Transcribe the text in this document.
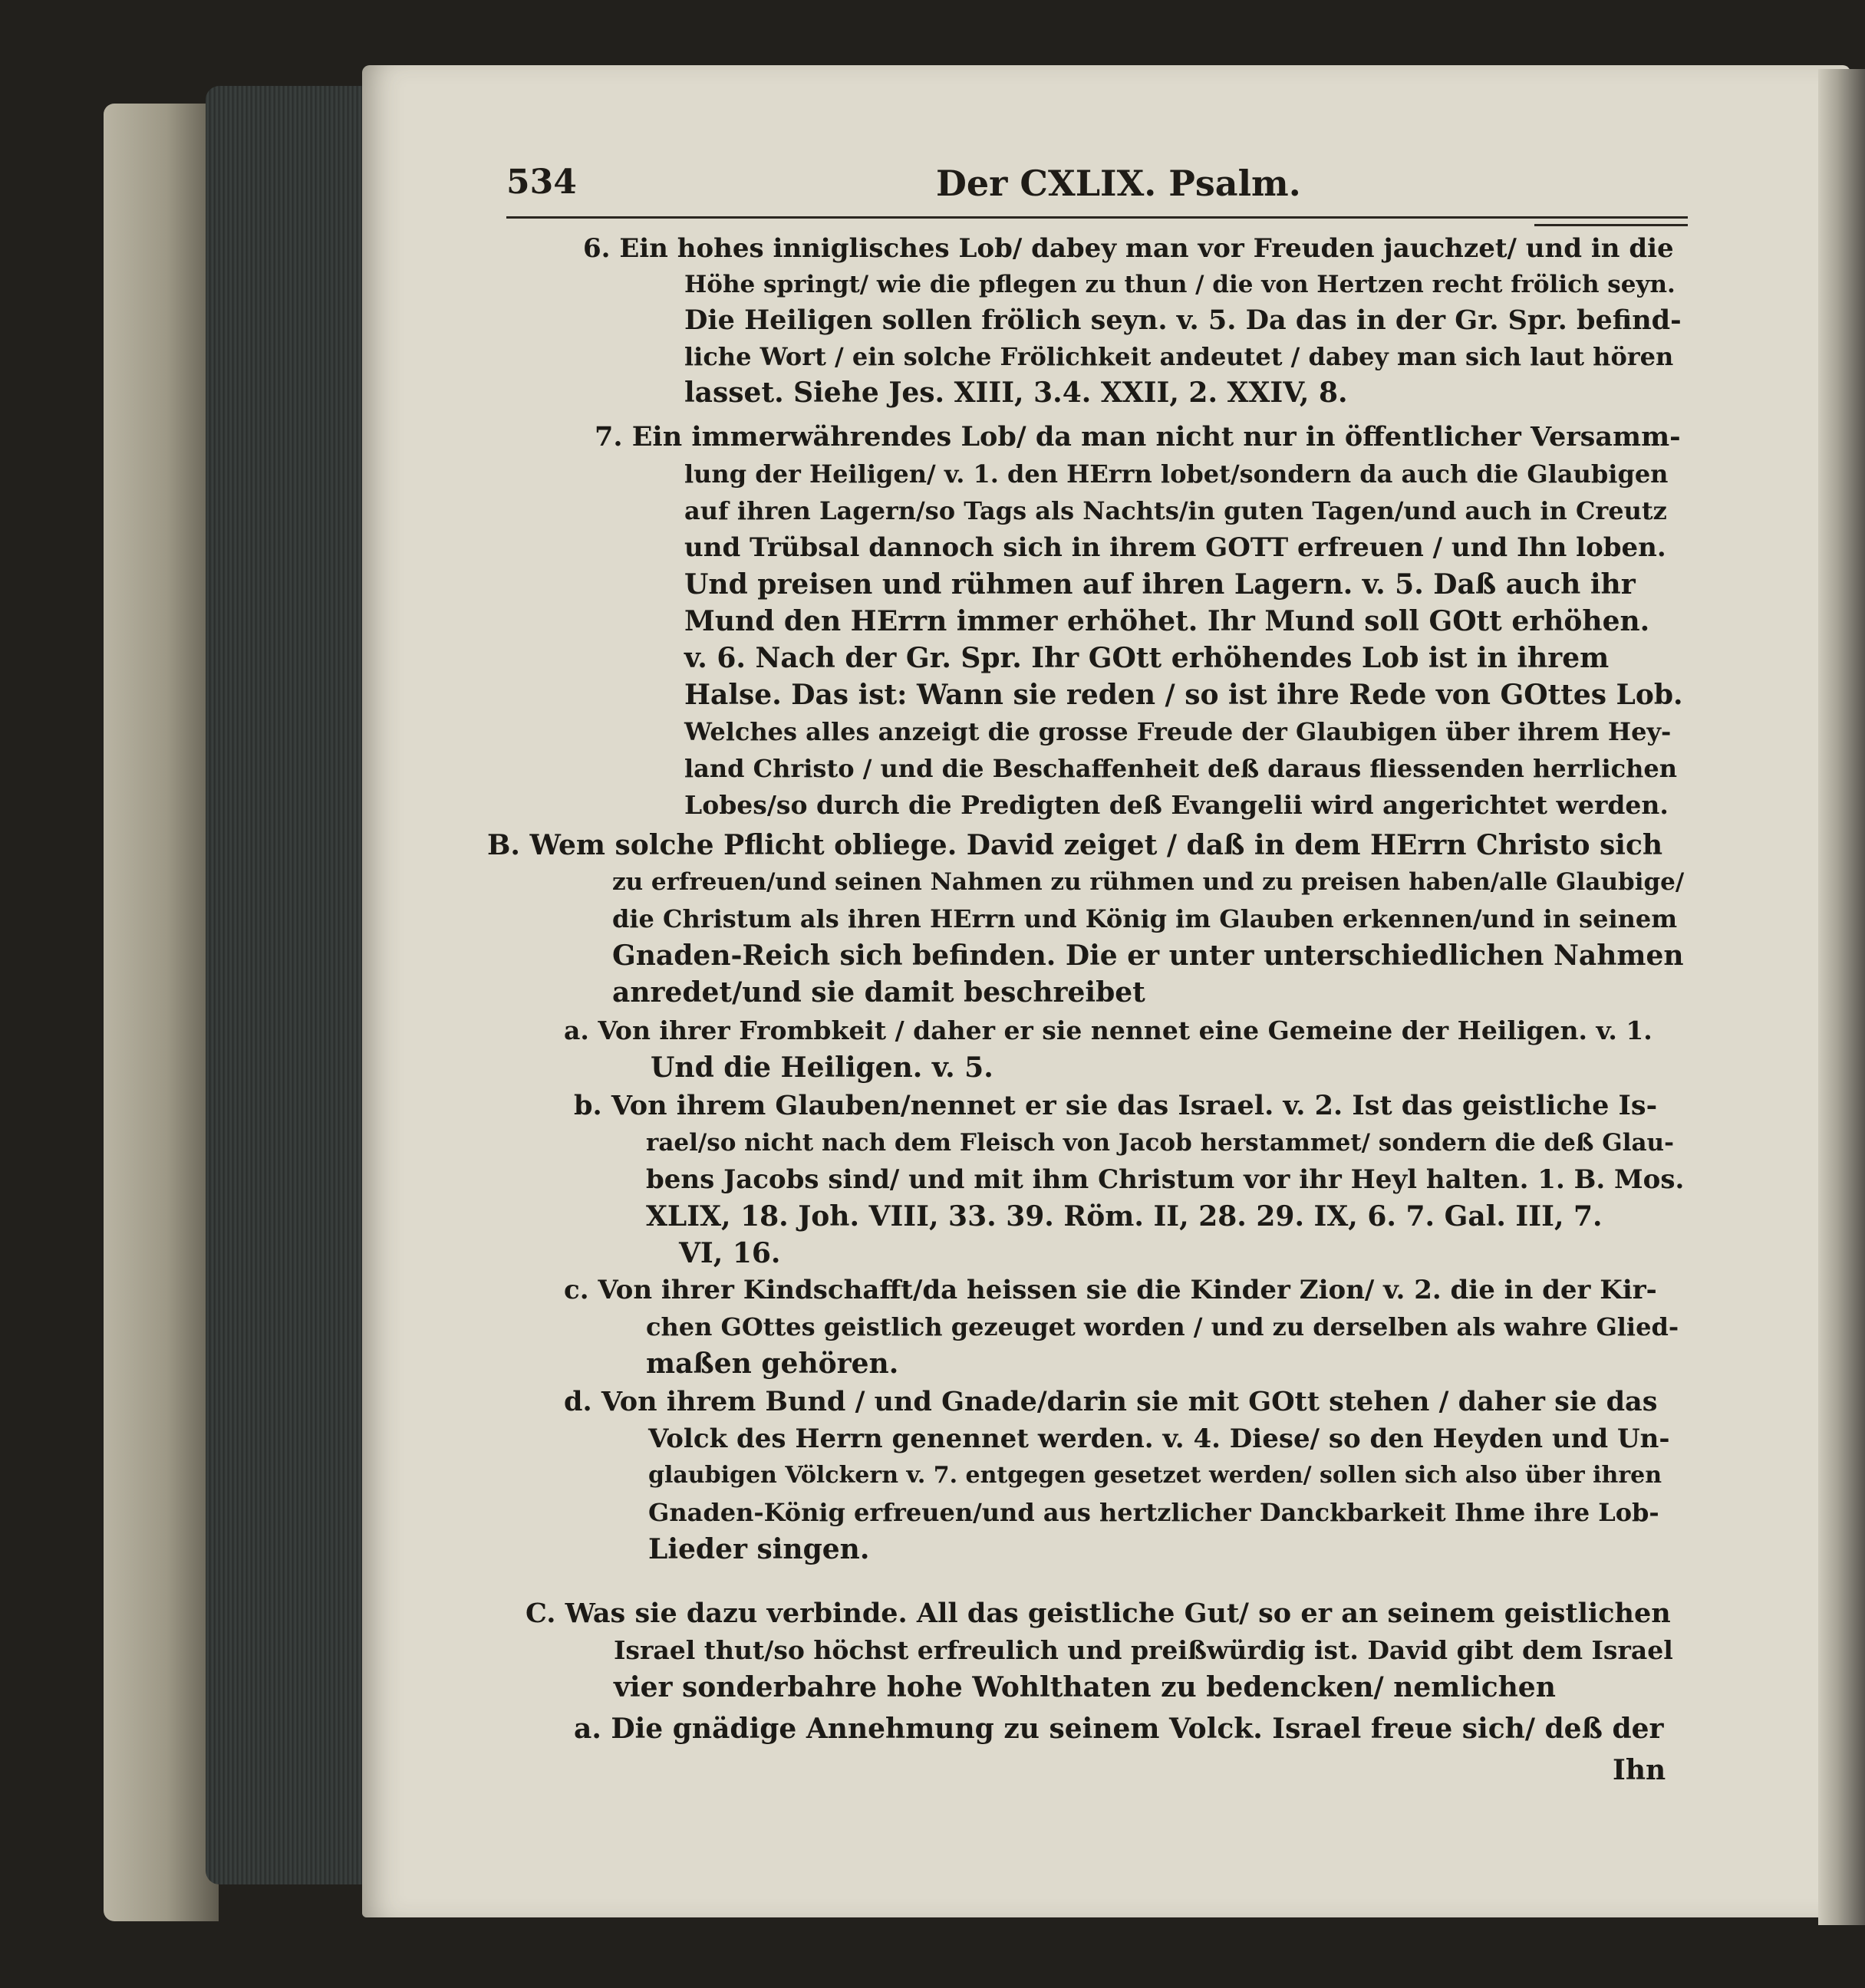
534	Der CXLIX. Psalm.
6. Ein hohes inniglisches Lob/ dabey man vor Freuden jauchzet/ und in die
Höhe springt/ wie die pflegen zu thun / die von Hertzen recht frölich seyn.
Die Heiligen sollen frölich seyn. v. 5. Da das in der Gr. Spr. befind-
liche Wort / ein solche Frölichkeit andeutet / dabey man sich laut hören
lasset. Siehe Jes. XIII, 3.4. XXII, 2. XXIV, 8.
7. Ein immerwährendes Lob/ da man nicht nur in öffentlicher Versamm-
lung der Heiligen/ v. 1. den HErrn lobet/sondern da auch die Glaubigen
auf ihren Lagern/so Tags als Nachts/in guten Tagen/und auch in Creutz
und Trübsal dannoch sich in ihrem GOTT erfreuen / und Ihn loben.
Und preisen und rühmen auf ihren Lagern. v. 5. Daß auch ihr
Mund den HErrn immer erhöhet. Ihr Mund soll GOtt erhöhen.
v. 6. Nach der Gr. Spr. Ihr GOtt erhöhendes Lob ist in ihrem
Halse. Das ist: Wann sie reden / so ist ihre Rede von GOttes Lob.
Welches alles anzeigt die grosse Freude der Glaubigen über ihrem Hey-
land Christo / und die Beschaffenheit deß daraus fliessenden herrlichen
Lobes/so durch die Predigten deß Evangelii wird angerichtet werden.
B. Wem solche Pflicht obliege. David zeiget / daß in dem HErrn Christo sich
zu erfreuen/und seinen Nahmen zu rühmen und zu preisen haben/alle Glaubige/
die Christum als ihren HErrn und König im Glauben erkennen/und in seinem
Gnaden-Reich sich befinden. Die er unter unterschiedlichen Nahmen
anredet/und sie damit beschreibet
a. Von ihrer Frombkeit / daher er sie nennet eine Gemeine der Heiligen. v. 1.
Und die Heiligen. v. 5.
b. Von ihrem Glauben/nennet er sie das Israel. v. 2. Ist das geistliche Is-
rael/so nicht nach dem Fleisch von Jacob herstammet/ sondern die deß Glau-
bens Jacobs sind/ und mit ihm Christum vor ihr Heyl halten. 1. B. Mos.
XLIX, 18. Joh. VIII, 33. 39. Röm. II, 28. 29. IX, 6. 7. Gal. III, 7.
VI, 16.
c. Von ihrer Kindschafft/da heissen sie die Kinder Zion/ v. 2. die in der Kir-
chen GOttes geistlich gezeuget worden / und zu derselben als wahre Glied-
maßen gehören.
d. Von ihrem Bund / und Gnade/darin sie mit GOtt stehen / daher sie das
Volck des Herrn genennet werden. v. 4. Diese/ so den Heyden und Un-
glaubigen Völckern v. 7. entgegen gesetzet werden/ sollen sich also über ihren
Gnaden-König erfreuen/und aus hertzlicher Danckbarkeit Ihme ihre Lob-
Lieder singen.
C. Was sie dazu verbinde. All das geistliche Gut/ so er an seinem geistlichen
Israel thut/so höchst erfreulich und preißwürdig ist. David gibt dem Israel
vier sonderbahre hohe Wohlthaten zu bedencken/ nemlichen
a. Die gnädige Annehmung zu seinem Volck. Israel freue sich/ deß der
Ihn
